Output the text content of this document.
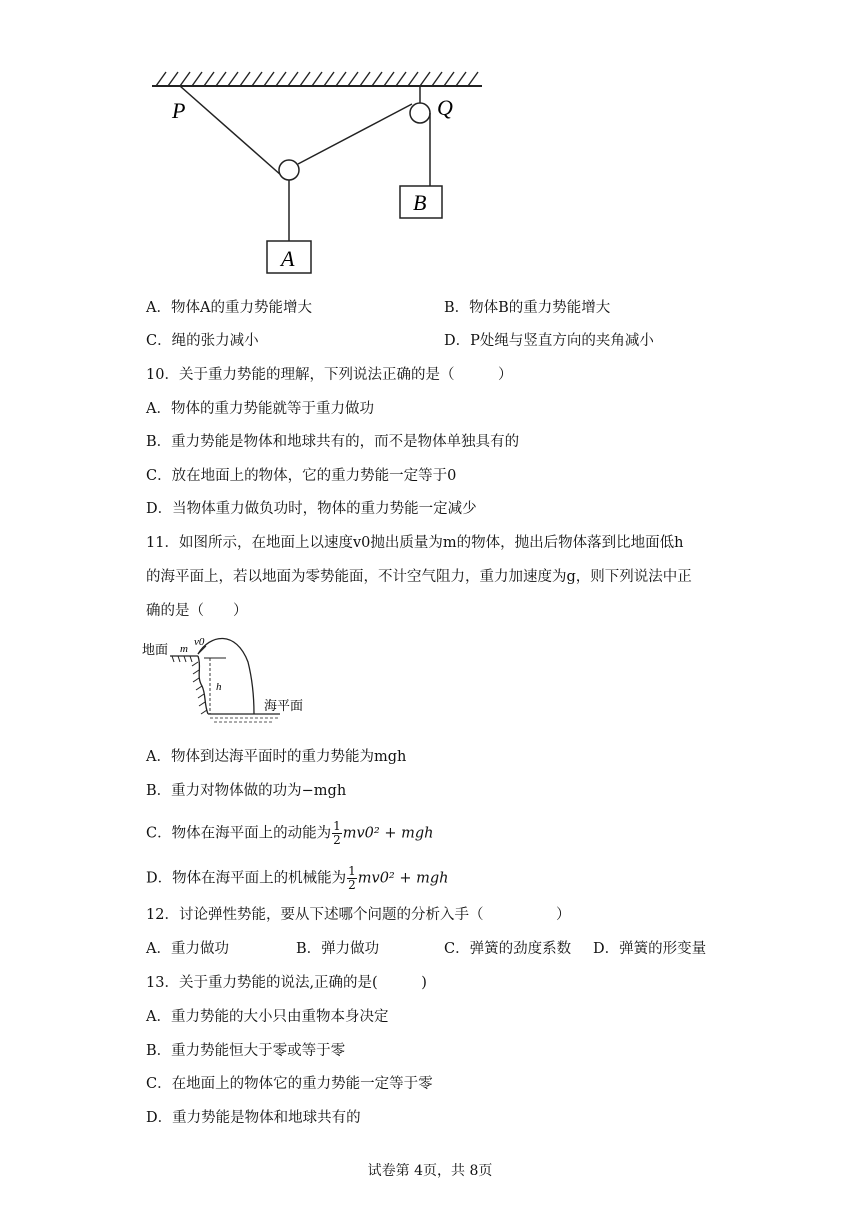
P	Q
A
B
A．物体A的重力势能增大	B．物体B的重力势能增大
C．绳的张力减小	D．P处绳与竖直方向的夹角减小
10．关于重力势能的理解，下列说法正确的是（　　　）
A．物体的重力势能就等于重力做功
B．重力势能是物体和地球共有的，而不是物体单独具有的
C．放在地面上的物体，它的重力势能一定等于0
D．当物体重力做负功时，物体的重力势能一定减少
11．如图所示，在地面上以速度v0抛出质量为m的物体，抛出后物体落到比地面低h
的海平面上，若以地面为零势能面，不计空气阻力，重力加速度为g，则下列说法中正
确的是（　　）
地面
海平面
m
v0
h
A．物体到达海平面时的重力势能为mgh
B．重力对物体做的功为−mgh
C．物体在海平面上的动能为 $\frac{1}{2} mv0^2$ + mgh
D．物体在海平面上的机械能为 $\frac{1}{2} mv0^2$ + mgh
12．讨论弹性势能，要从下述哪个问题的分析入手（　　　　　）
A．重力做功	B．弹力做功	C．弹簧的劲度系数 D．弹簧的形变量
13．关于重力势能的说法,正确的是(　　　)
A．重力势能的大小只由重物本身决定
B．重力势能恒大于零或等于零
C．在地面上的物体它的重力势能一定等于零
D．重力势能是物体和地球共有的
试卷第 4页，共 8页
